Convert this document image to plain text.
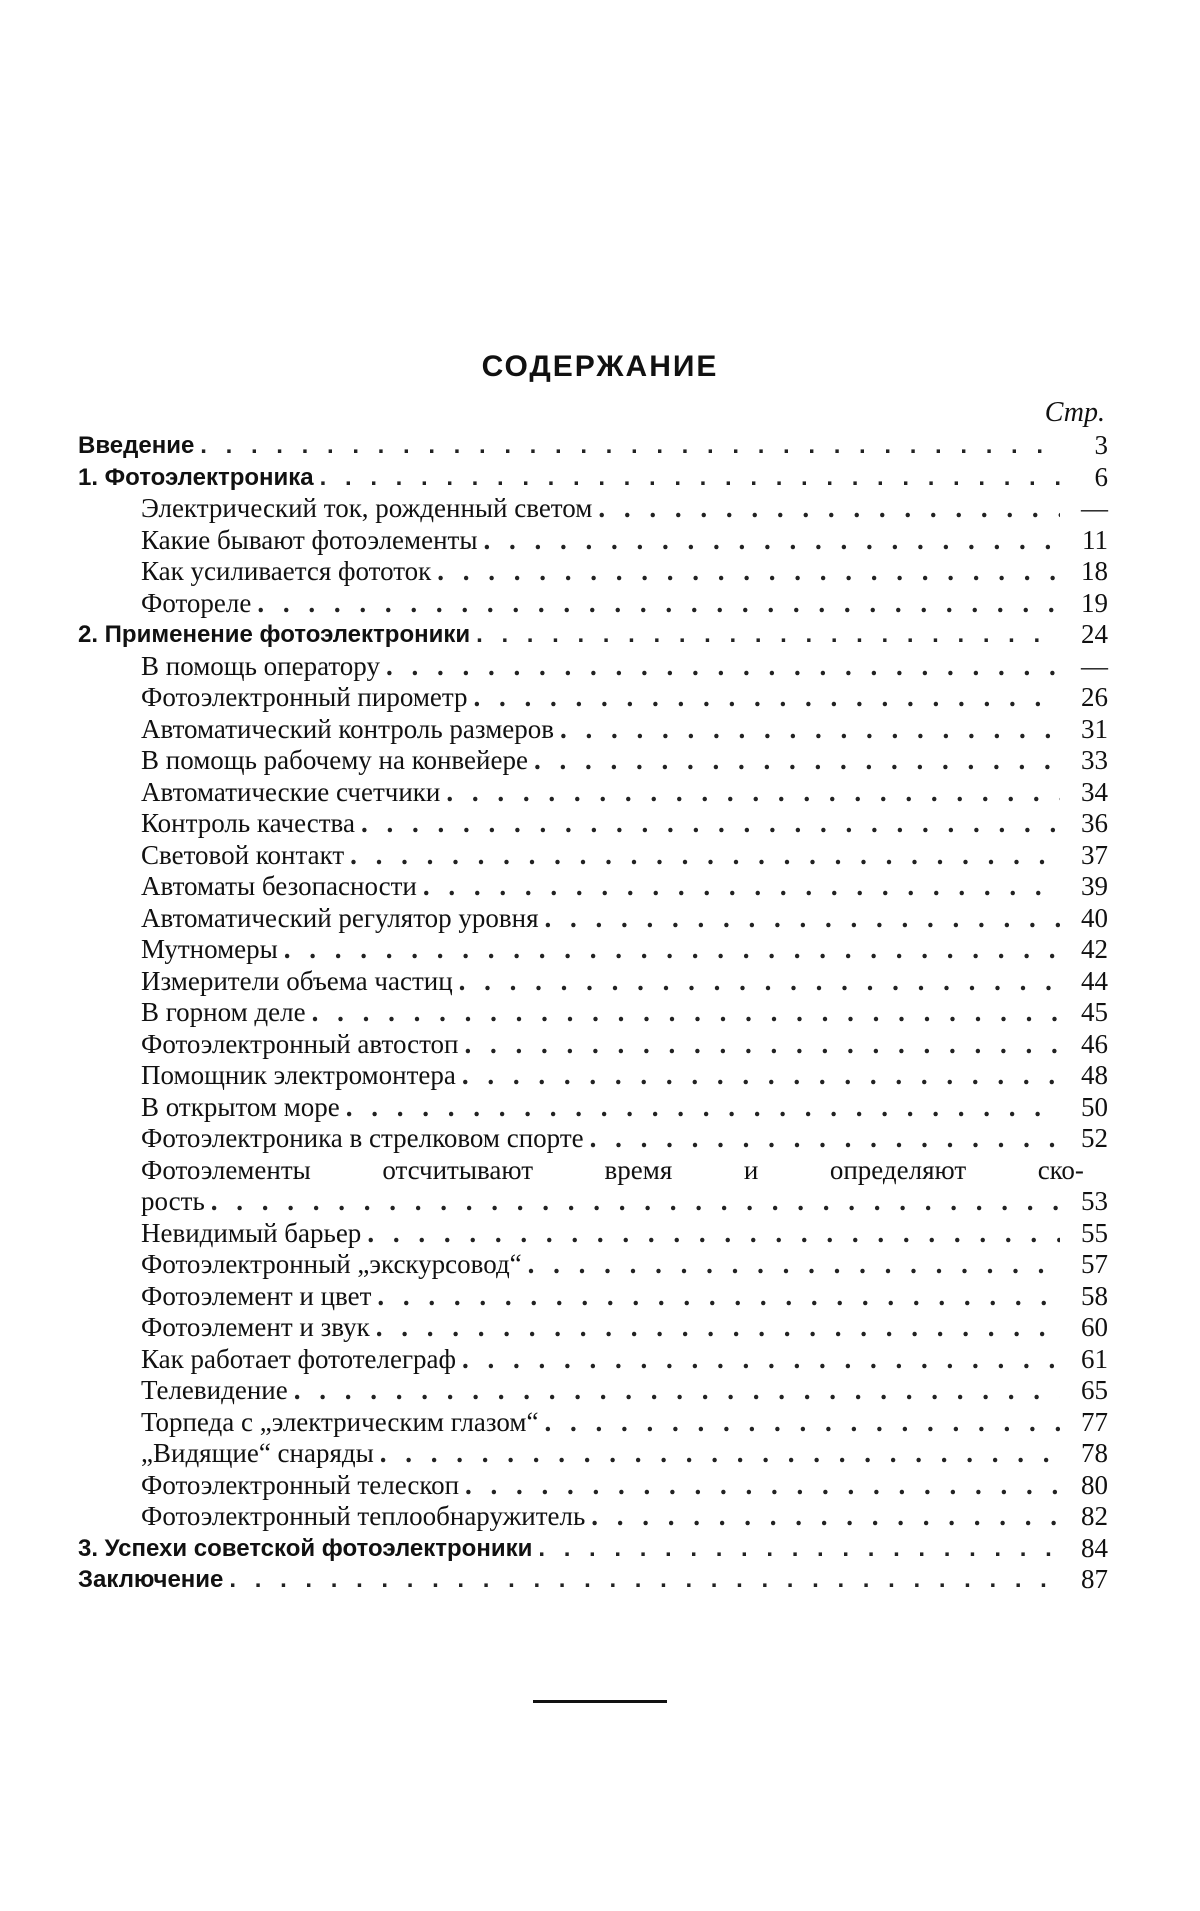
СОДЕРЖАНИЕ
Стр.
Введение . . .	3
1. Фотоэлектроника . . .	6
Электрический ток, рожденный светом . . .	—
Какие бывают фотоэлементы . . .	11
Как усиливается фототок . . .	18
Фотореле . . .	19
2. Применение фотоэлектроники . . .	24
В помощь оператору . . .	—
Фотоэлектронный пирометр . . .	26
Автоматический контроль размеров . . .	31
В помощь рабочему на конвейере . . .	33
Автоматические счетчики . . .	34
Контроль качества . . .	36
Световой контакт . . .	37
Автоматы безопасности . . .	39
Автоматический регулятор уровня . . .	40
Мутномеры . . .	42
Измерители объема частиц . . .	44
В горном деле . . .	45
Фотоэлектронный автостоп . . .	46
Помощник электромонтера . . .	48
В открытом море . . .	50
Фотоэлектроника в стрелковом спорте . . .	52
Фотоэлементы	отсчитывают	время	и	определяют	ско-
рость . . .	53
Невидимый барьер . . .	55
Фотоэлектронный „экскурсовод“ . . .	57
Фотоэлемент и цвет . . .	58
Фотоэлемент и звук . . .	60
Как работает фототелеграф . . .	61
Телевидение . . .	65
Торпеда с „электрическим глазом“ . . .	77
„Видящие“ снаряды . . .	78
Фотоэлектронный телескоп . . .	80
Фотоэлектронный теплообнаружитель . . .	82
3. Успехи советской фотоэлектроники . . .	84
Заключение . . .	87
